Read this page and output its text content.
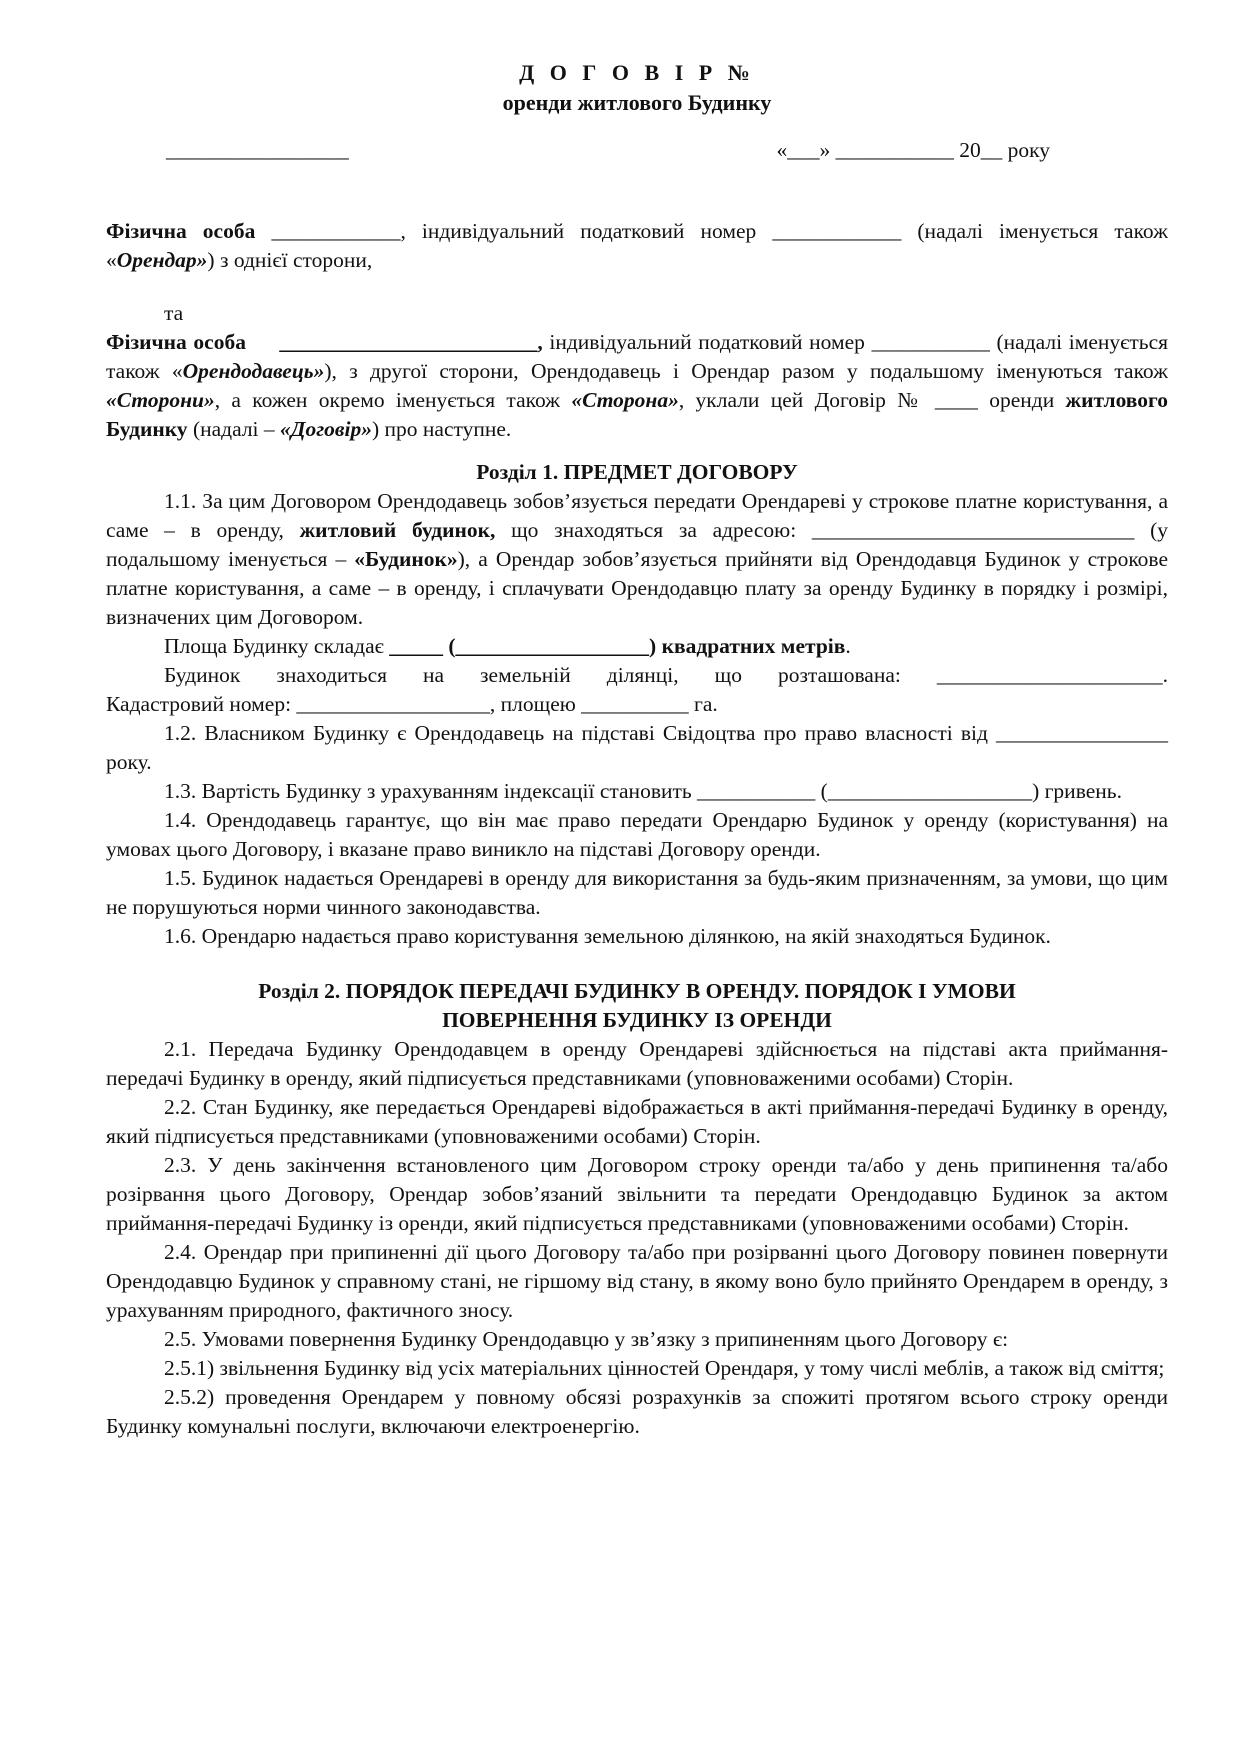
Д О Г О В І Р №
оренди житлового Будинку
_________________	«___» ___________ 20__ року

Фізична особа ____________, індивідуальний податковий номер ____________ (надалі іменується також «Орендар») з однієї сторони,

та

Фізична особа ________________________, індивідуальний податковий номер ___________ (надалі іменується також «Орендодавець»), з другої сторони, Орендодавець і Орендар разом у подальшому іменуються також «Сторони», а кожен окремо іменується також «Сторона», уклали цей Договір № ____ оренди житлового Будинку (надалі – «Договір») про наступне.

Розділ 1. ПРЕДМЕТ ДОГОВОРУ

1.1. За цим Договором Орендодавець зобов’язується передати Орендареві у строкове платне користування, а саме – в оренду, житловий будинок, що знаходяться за адресою: ______________________________ (у подальшому іменується – «Будинок»), а Орендар зобов’язується прийняти від Орендодавця Будинок у строкове платне користування, а саме – в оренду, і сплачувати Орендодавцю плату за оренду Будинку в порядку і розмірі, визначених цим Договором.

Площа Будинку складає _____ (__________________) квадратних метрів.

Будинок знаходиться на земельній ділянці, що розташована: _____________________.

Кадастровий номер: __________________, площею __________ га.

1.2. Власником Будинку є Орендодавець на підставі Свідоцтва про право власності від ________________ року.

1.3. Вартість Будинку з урахуванням індексації становить ___________ (___________________) гривень.

1.4. Орендодавець гарантує, що він має право передати Орендарю Будинок у оренду (користування) на умовах цього Договору, і вказане право виникло на підставі Договору оренди.

1.5. Будинок надається Орендареві в оренду для використання за будь-яким призначенням, за умови, що цим не порушуються норми чинного законодавства.

1.6. Орендарю надається право користування земельною ділянкою, на якій знаходяться Будинок.

Розділ 2. ПОРЯДОК ПЕРЕДАЧІ БУДИНКУ В ОРЕНДУ. ПОРЯДОК І УМОВИ
ПОВЕРНЕННЯ БУДИНКУ ІЗ ОРЕНДИ

2.1. Передача Будинку Орендодавцем в оренду Орендареві здійснюється на підставі акта приймання-передачі Будинку в оренду, який підписується представниками (уповноваженими особами) Сторін.

2.2. Стан Будинку, яке передається Орендареві відображається в акті приймання-передачі Будинку в оренду, який підписується представниками (уповноваженими особами) Сторін.

2.3. У день закінчення встановленого цим Договором строку оренди та/або у день припинення та/або розірвання цього Договору, Орендар зобов’язаний звільнити та передати Орендодавцю Будинок за актом приймання-передачі Будинку із оренди, який підписується представниками (уповноваженими особами) Сторін.

2.4. Орендар при припиненні дії цього Договору та/або при розірванні цього Договору повинен повернути Орендодавцю Будинок у справному стані, не гіршому від стану, в якому воно було прийнято Орендарем в оренду, з урахуванням природного, фактичного зносу.

2.5. Умовами повернення Будинку Орендодавцю у зв’язку з припиненням цього Договору є:

2.5.1) звільнення Будинку від усіх матеріальних цінностей Орендаря, у тому числі меблів, а також від сміття;

2.5.2) проведення Орендарем у повному обсязі розрахунків за спожиті протягом всього строку оренди Будинку комунальні послуги, включаючи електроенергію.
